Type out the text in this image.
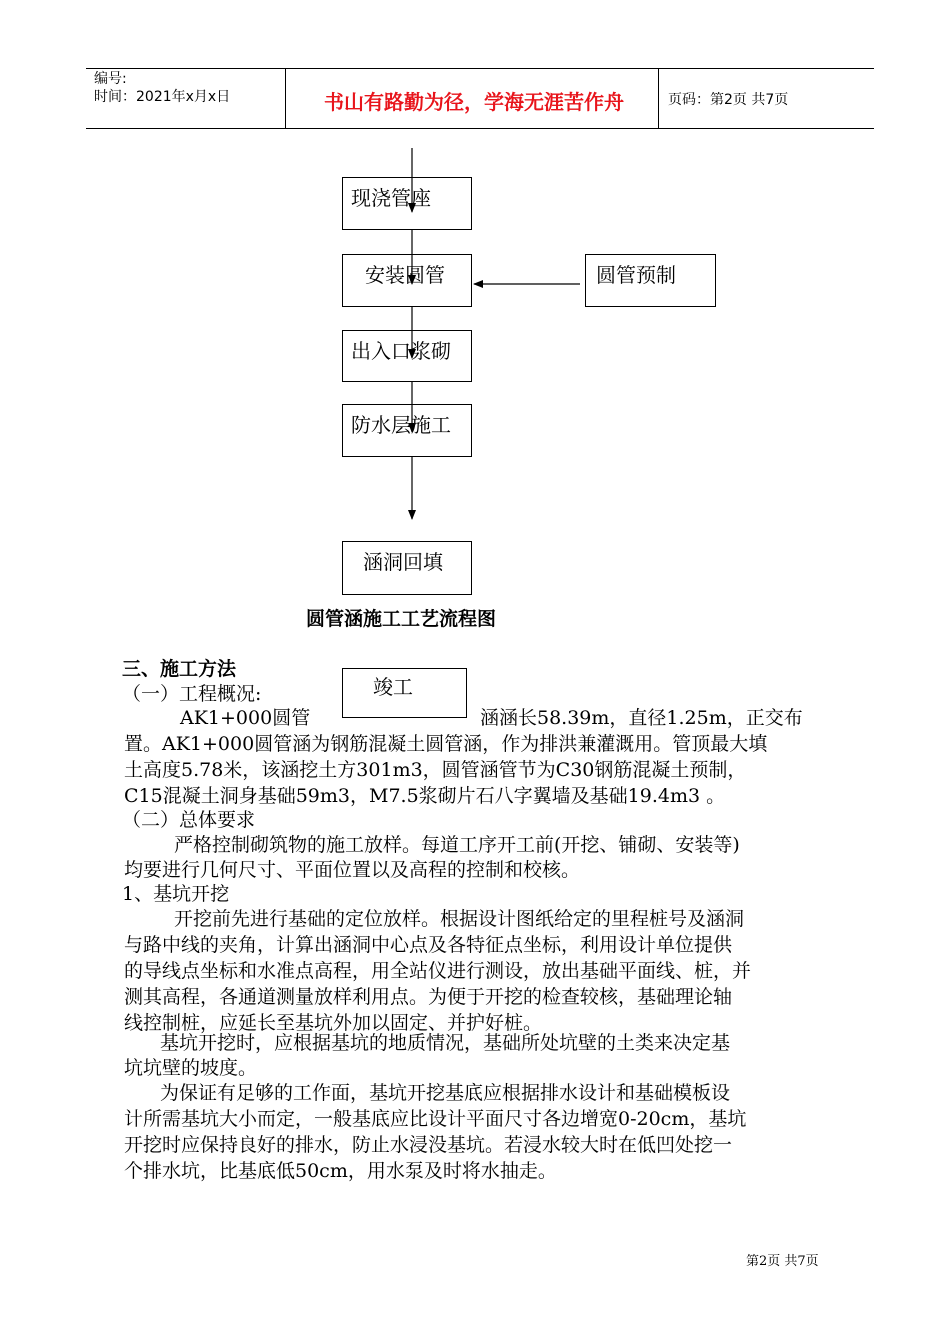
编号:
时间：2021年x月x日	书山有路勤为径，学海无涯苦作舟	页码：第2页 共7页
现浇管座
安装圆管	圆管预制
出入口浆砌
防水层施工
涵洞回填
竣工
圆管涵施工工艺流程图
三、施工方法
（一）工程概况:
AK1+000圆管	涵涵长58.39m，直径1.25m，正交布
置。AK1+000圆管涵为钢筋混凝土圆管涵，作为排洪兼灌溉用。管顶最大填
土高度5.78米，该涵挖土方301m3，圆管涵管节为C30钢筋混凝土预制，
C15混凝土洞身基础59m3，M7.5浆砌片石八字翼墙及基础19.4m3 。
（二）总体要求
严格控制砌筑物的施工放样。每道工序开工前(开挖、铺砌、安装等)
均要进行几何尺寸、平面位置以及高程的控制和校核。
1、基坑开挖
开挖前先进行基础的定位放样。根据设计图纸给定的里程桩号及涵洞
与路中线的夹角，计算出涵洞中心点及各特征点坐标，利用设计单位提供
的导线点坐标和水准点高程，用全站仪进行测设，放出基础平面线、桩，并
测其高程，各通道测量放样利用点。为便于开挖的检查较核，基础理论轴
线控制桩，应延长至基坑外加以固定、并护好桩。
基坑开挖时，应根据基坑的地质情况，基础所处坑壁的土类来决定基
坑坑壁的坡度。
为保证有足够的工作面，基坑开挖基底应根据排水设计和基础模板设
计所需基坑大小而定，一般基底应比设计平面尺寸各边增宽0-20cm，基坑
开挖时应保持良好的排水，防止水浸没基坑。若浸水较大时在低凹处挖一
个排水坑，比基底低50cm，用水泵及时将水抽走。
第2页 共7页
